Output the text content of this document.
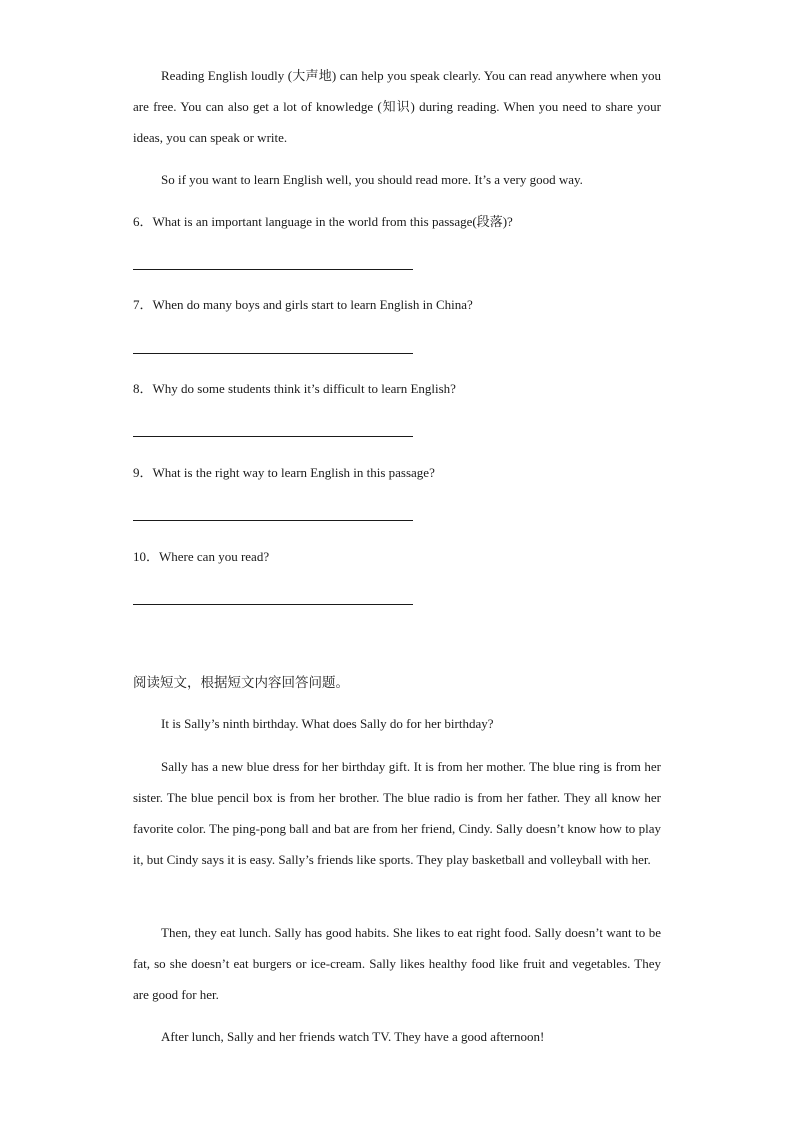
Reading English loudly (大声地) can help you speak clearly. You can read anywhere when you are free. You can also get a lot of knowledge (知识) during reading. When you need to share your ideas, you can speak or write.

So if you want to learn English well, you should read more. It’s a very good way.

6．What is an important language in the world from this passage(段落)?

7．When do many boys and girls start to learn English in China?

8．Why do some students think it’s difficult to learn English?

9．What is the right way to learn English in this passage?

10．Where can you read?

阅读短文，根据短文内容回答问题。

It is Sally’s ninth birthday. What does Sally do for her birthday?

Sally has a new blue dress for her birthday gift. It is from her mother. The blue ring is from her sister. The blue pencil box is from her brother. The blue radio is from her father. They all know her favorite color. The ping-pong ball and bat are from her friend, Cindy. Sally doesn’t know how to play it, but Cindy says it is easy. Sally’s friends like sports. They play basketball and volleyball with her.

Then, they eat lunch. Sally has good habits. She likes to eat right food. Sally doesn’t want to be fat, so she doesn’t eat burgers or ice-cream. Sally likes healthy food like fruit and vegetables. They are good for her.

After lunch, Sally and her friends watch TV. They have a good afternoon!
